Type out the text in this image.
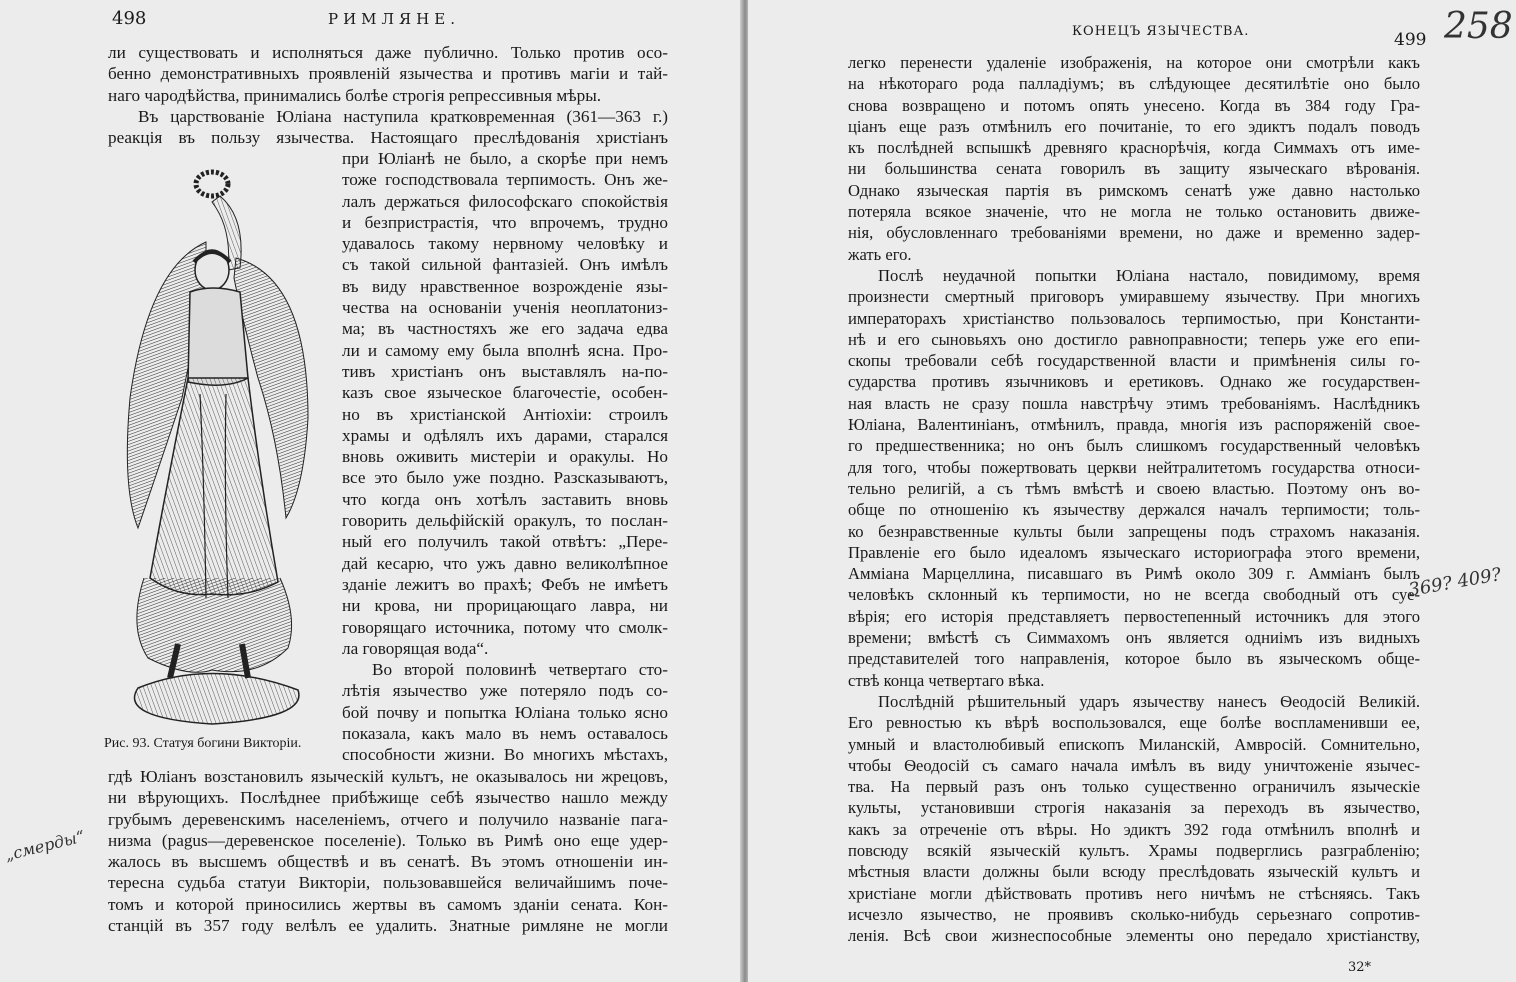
498	РИМЛЯНЕ.
ли существовать и исполняться даже публично. Только против осо-
бенно демонстративныхъ проявленій язычества и противъ магіи и тай-
наго чародѣйства, принимались болѣе строгія репрессивныя мѣры.
Въ царствованіе Юліана наступила кратковременная (361—363 г.)
реакція въ пользу язычества. Настоящаго преслѣдованія христіанъ
при Юліанѣ не было, а скорѣе при немъ
тоже господствовала терпимость. Онъ же-
лалъ держаться философскаго спокойствія
и безпристрастія, что впрочемъ, трудно
удавалось такому нервному человѣку и
съ такой сильной фантазіей. Онъ имѣлъ
въ виду нравственное возрожденіе язы-
чества на основаніи ученія неоплатониз-
ма; въ частностяхъ же его задача едва
ли и самому ему была вполнѣ ясна. Про-
тивъ христіанъ онъ выставлялъ на-по-
казъ свое языческое благочестіе, особен-
но въ христіанской Антіохіи: строилъ
храмы и одѣлялъ ихъ дарами, старался
вновь оживить мистеріи и оракулы. Но
все это было уже поздно. Разсказываютъ,
что когда онъ хотѣлъ заставить вновь
говорить дельфійскій оракулъ, то послан-
ный его получилъ такой отвѣтъ: „Пере-
дай кесарю, что ужъ давно великолѣпное
зданіе лежитъ во прахѣ; Фебъ не имѣетъ
ни крова, ни прорицающаго лавра, ни
говорящаго источника, потому что смолк-
ла говорящая вода“.
Во второй половинѣ четвертаго сто-
лѣтія язычество уже потеряло подъ со-
бой почву и попытка Юліана только ясно
показала, какъ мало въ немъ оставалось
способности жизни. Во многихъ мѣстахъ,
Рис. 93. Статуя богини Викторіи.
гдѣ Юліанъ возстановилъ языческій культъ, не оказывалось ни жрецовъ,
ни вѣрующихъ. Послѣднее прибѣжище себѣ язычество нашло между
грубымъ деревенскимъ населеніемъ, отчего и получило названіе пага-
низма (pagus—деревенское поселеніе). Только въ Римѣ оно еще удер-
жалось въ высшемъ обществѣ и въ сенатѣ. Въ этомъ отношеніи ин-
тересна судьба статуи Викторіи, пользовавшейся величайшимъ поче-
томъ и которой приносились жертвы въ самомъ зданіи сената. Кон-
станцій въ 357 году велѣлъ ее удалить. Знатные римляне не могли
„смерды“
КОНЕЦЪ ЯЗЫЧЕСТВА.	499 258
легко перенести удаленіе изображенія, на которое они смотрѣли какъ
на нѣкотораго рода палладіумъ; въ слѣдующее десятилѣтіе оно было
снова возвращено и потомъ опять унесено. Когда въ 384 году Гра-
ціанъ еще разъ отмѣнилъ его почитаніе, то его эдиктъ подалъ поводъ
къ послѣдней вспышкѣ древняго краснорѣчія, когда Симмахъ отъ име-
ни большинства сената говорилъ въ защиту языческаго вѣрованія.
Однако языческая партія въ римскомъ сенатѣ уже давно настолько
потеряла всякое значеніе, что не могла не только остановить движе-
нія, обусловленнаго требованіями времени, но даже и временно задер-
жать его.
Послѣ неудачной попытки Юліана настало, повидимому, время
произнести смертный приговоръ умиравшему язычеству. При многихъ
императорахъ христіанство пользовалось терпимостью, при Константи-
нѣ и его сыновьяхъ оно достигло равноправности; теперь уже его епи-
скопы требовали себѣ государственной власти и примѣненія силы го-
сударства противъ язычниковъ и еретиковъ. Однако же государствен-
ная власть не сразу пошла навстрѣчу этимъ требованіямъ. Наслѣдникъ
Юліана, Валентиніанъ, отмѣнилъ, правда, многія изъ распоряженій свое-
го предшественника; но онъ былъ слишкомъ государственный человѣкъ
для того, чтобы пожертвовать церкви нейтралитетомъ государства относи-
тельно религій, а съ тѣмъ вмѣстѣ и своею властью. Поэтому онъ во-
обще по отношенію къ язычеству держался началъ терпимости; толь-
ко безнравственные культы были запрещены подъ страхомъ наказанія.
Правленіе его было идеаломъ языческаго историографа этого времени,
Амміана Марцеллина, писавшаго въ Римѣ около 309 г. Амміанъ былъ
человѣкъ склонный къ терпимости, но не всегда свободный отъ суе-
вѣрія; его исторія представляетъ первостепенный источникъ для этого
времени; вмѣстѣ съ Симмахомъ онъ является одниімъ изъ видныхъ
представителей того направленія, которое было въ языческомъ обще-
ствѣ конца четвертаго вѣка.
Послѣдній рѣшительный ударъ язычеству нанесъ Ѳеодосій Великій.
Его ревностью къ вѣрѣ воспользовался, еще болѣе воспламенивши ее,
умный и властолюбивый епископъ Миланскій, Амвросій. Сомнительно,
чтобы Ѳеодосій съ самаго начала имѣлъ въ виду уничтоженіе язычес-
тва. На первый разъ онъ только существенно ограничилъ языческіе
культы, установивши строгія наказанія за переходъ въ язычество,
какъ за отреченіе отъ вѣры. Но эдиктъ 392 года отмѣнилъ вполнѣ и
повсюду всякій языческій культъ. Храмы подверглись разграбленію;
мѣстныя власти должны были всюду преслѣдовать языческій культъ и
христіане могли дѣйствовать противъ него ничѣмъ не стѣсняясь. Такъ
исчезло язычество, не проявивъ сколько-нибудь серьезнаго сопротив-
ленія. Всѣ свои жизнеспособные элементы оно передало христіанству,
369? 409?
32*
